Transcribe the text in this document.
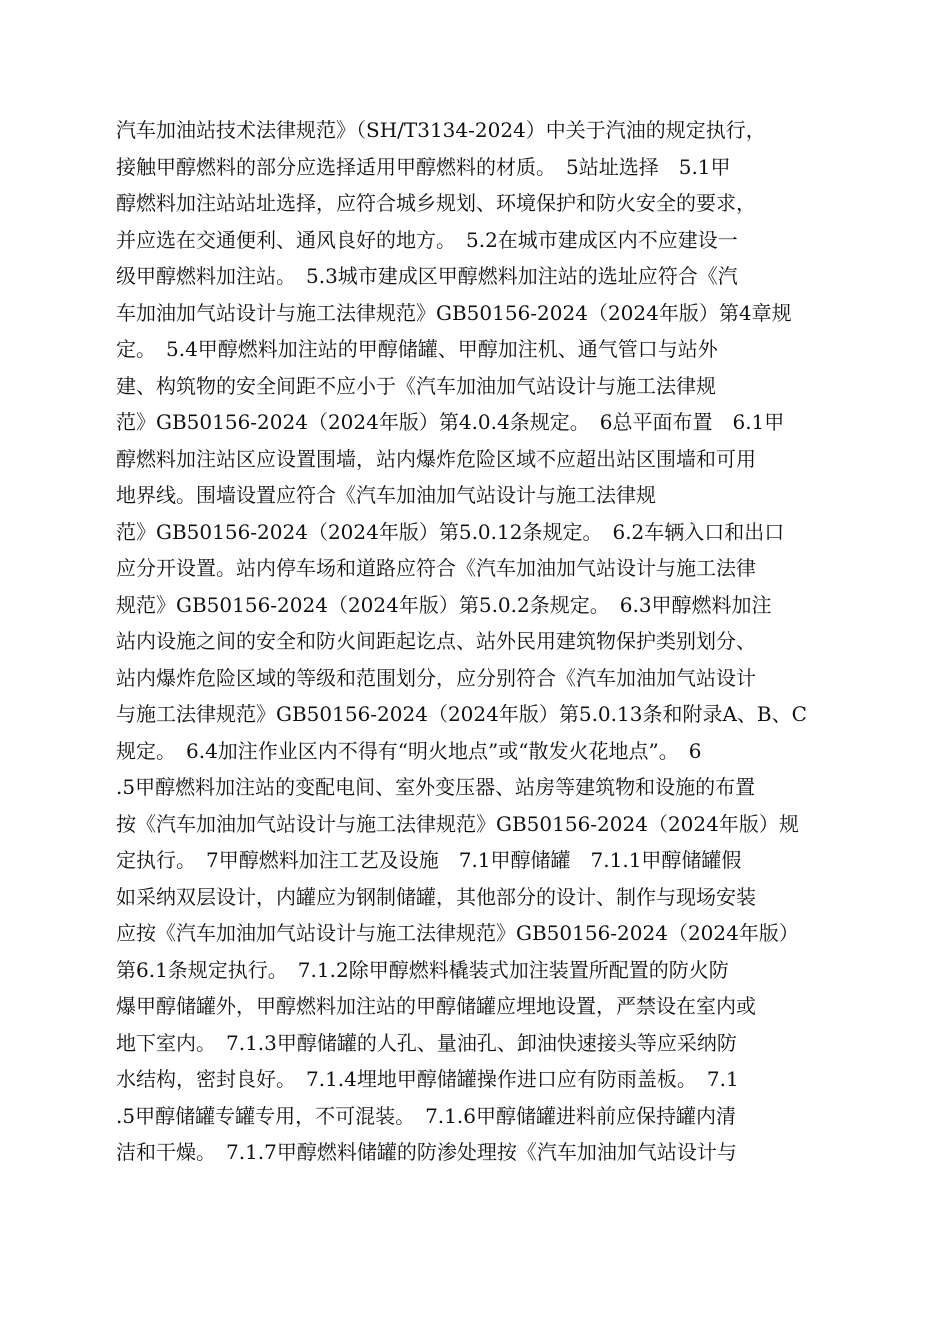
汽车加油站技术法律规范》（SH/T3134-2024）中关于汽油的规定执行，
接触甲醇燃料的部分应选择适用甲醇燃料的材质。　5站址选择　5.1甲
醇燃料加注站站址选择，应符合城乡规划、环境保护和防火安全的要求，
并应选在交通便利、通风良好的地方。　5.2在城市建成区内不应建设一
级甲醇燃料加注站。　5.3城市建成区甲醇燃料加注站的选址应符合《汽
车加油加气站设计与施工法律规范》GB50156-2024（2024年版）第4章规
定。　5.4甲醇燃料加注站的甲醇储罐、甲醇加注机、通气管口与站外
建、构筑物的安全间距不应小于《汽车加油加气站设计与施工法律规
范》GB50156-2024（2024年版）第4.0.4条规定。　6总平面布置　6.1甲
醇燃料加注站区应设置围墙，站内爆炸危险区域不应超出站区围墙和可用
地界线。围墙设置应符合《汽车加油加气站设计与施工法律规
范》GB50156-2024（2024年版）第5.0.12条规定。　6.2车辆入口和出口
应分开设置。站内停车场和道路应符合《汽车加油加气站设计与施工法律
规范》GB50156-2024（2024年版）第5.0.2条规定。　6.3甲醇燃料加注
站内设施之间的安全和防火间距起讫点、站外民用建筑物保护类别划分、
站内爆炸危险区域的等级和范围划分，应分别符合《汽车加油加气站设计
与施工法律规范》GB50156-2024（2024年版）第5.0.13条和附录A、B、C
规定。　6.4加注作业区内不得有“明火地点”或“散发火花地点”。　6
.5甲醇燃料加注站的变配电间、室外变压器、站房等建筑物和设施的布置
按《汽车加油加气站设计与施工法律规范》GB50156-2024（2024年版）规
定执行。　7甲醇燃料加注工艺及设施　7.1甲醇储罐　7.1.1甲醇储罐假
如采纳双层设计，内罐应为钢制储罐，其他部分的设计、制作与现场安装
应按《汽车加油加气站设计与施工法律规范》GB50156-2024（2024年版）
第6.1条规定执行。　7.1.2除甲醇燃料橇装式加注装置所配置的防火防
爆甲醇储罐外，甲醇燃料加注站的甲醇储罐应埋地设置，严禁设在室内或
地下室内。　7.1.3甲醇储罐的人孔、量油孔、卸油快速接头等应采纳防
水结构，密封良好。　7.1.4埋地甲醇储罐操作进口应有防雨盖板。　7.1
.5甲醇储罐专罐专用，不可混装。　7.1.6甲醇储罐进料前应保持罐内清
洁和干燥。　7.1.7甲醇燃料储罐的防渗处理按《汽车加油加气站设计与
